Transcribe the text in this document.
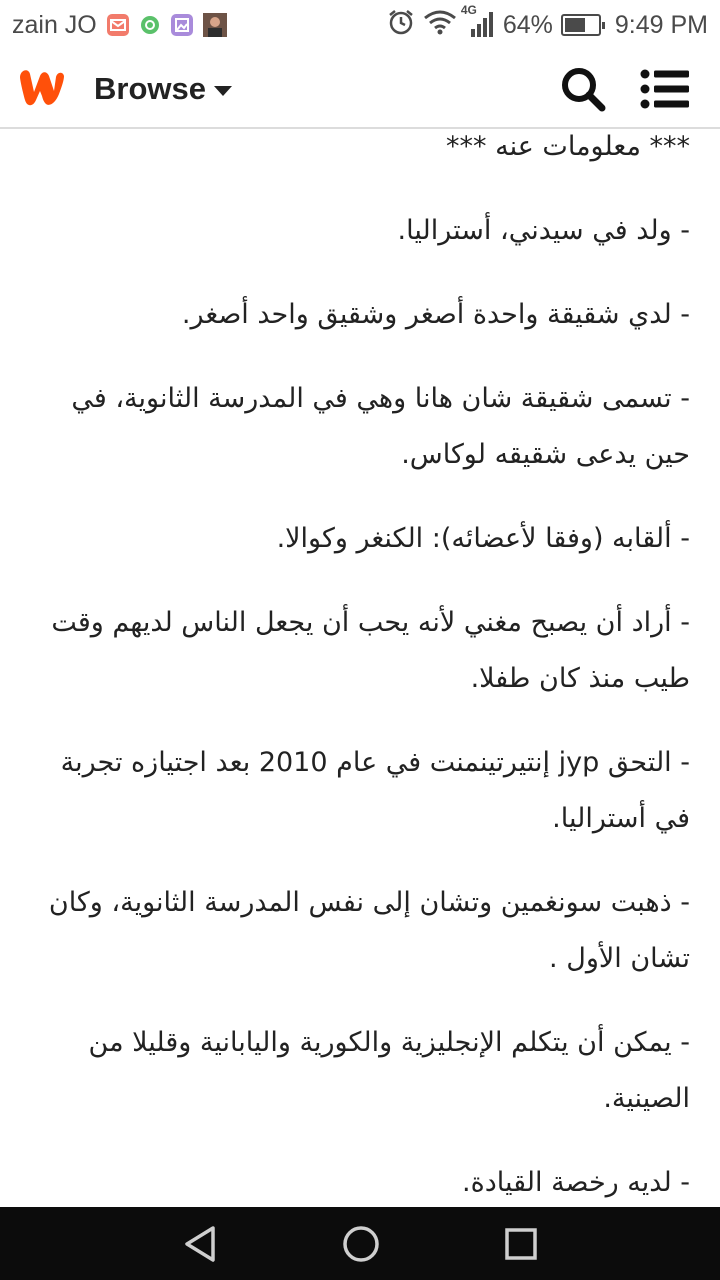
zain JO
4G
64% 9:49 PM
Browse

*** معلومات عنه ***

- ولد في سيدني، أستراليا.

- لدي شقيقة واحدة أصغر وشقيق واحد أصغر.

- تسمى شقيقة شان هانا وهي في المدرسة الثانوية، في حين يدعى شقيقه لوكاس.

- ألقابه (وفقا لأعضائه): الكنغر وكوالا.

- أراد أن يصبح مغني لأنه يحب أن يجعل الناس لديهم وقت طيب منذ كان طفلا.

- التحق jyp إنتيرتينمنت في عام 2010 بعد اجتيازه تجربة في أستراليا.

- ذهبت سونغمين وتشان إلى نفس المدرسة الثانوية، وكان تشان الأول .

- يمكن أن يتكلم الإنجليزية والكورية واليابانية وقليلا من الصينية.

- لديه رخصة القيادة.
